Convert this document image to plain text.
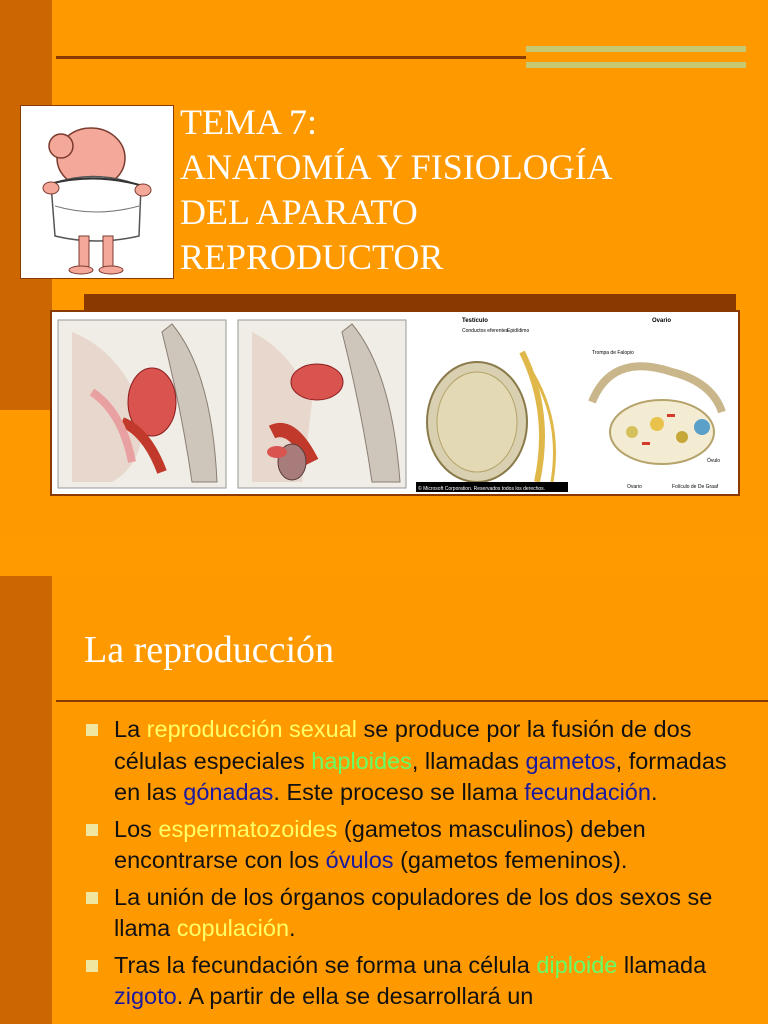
TEMA 7:
ANATOMÍA Y FISIOLOGÍA
DEL APARATO
REPRODUCTOR
Testículo	Ovario
Conductos eferentes
Epidídimo
Trompa de Falopio
Óvulo
Ovario	Folículo de De Graaf
© Microsoft Corporation. Reservados todos los derechos.
La reproducción
La reproducción sexual se produce por la fusión de dos células especiales haploides, llamadas gametos, formadas en las gónadas. Este proceso se llama fecundación.
Los espermatozoides (gametos masculinos) deben encontrarse con los óvulos (gametos femeninos).
La unión de los órganos copuladores de los dos sexos se llama copulación.
Tras la fecundación se forma una célula diploide llamada zigoto. A partir de ella se desarrollará un
